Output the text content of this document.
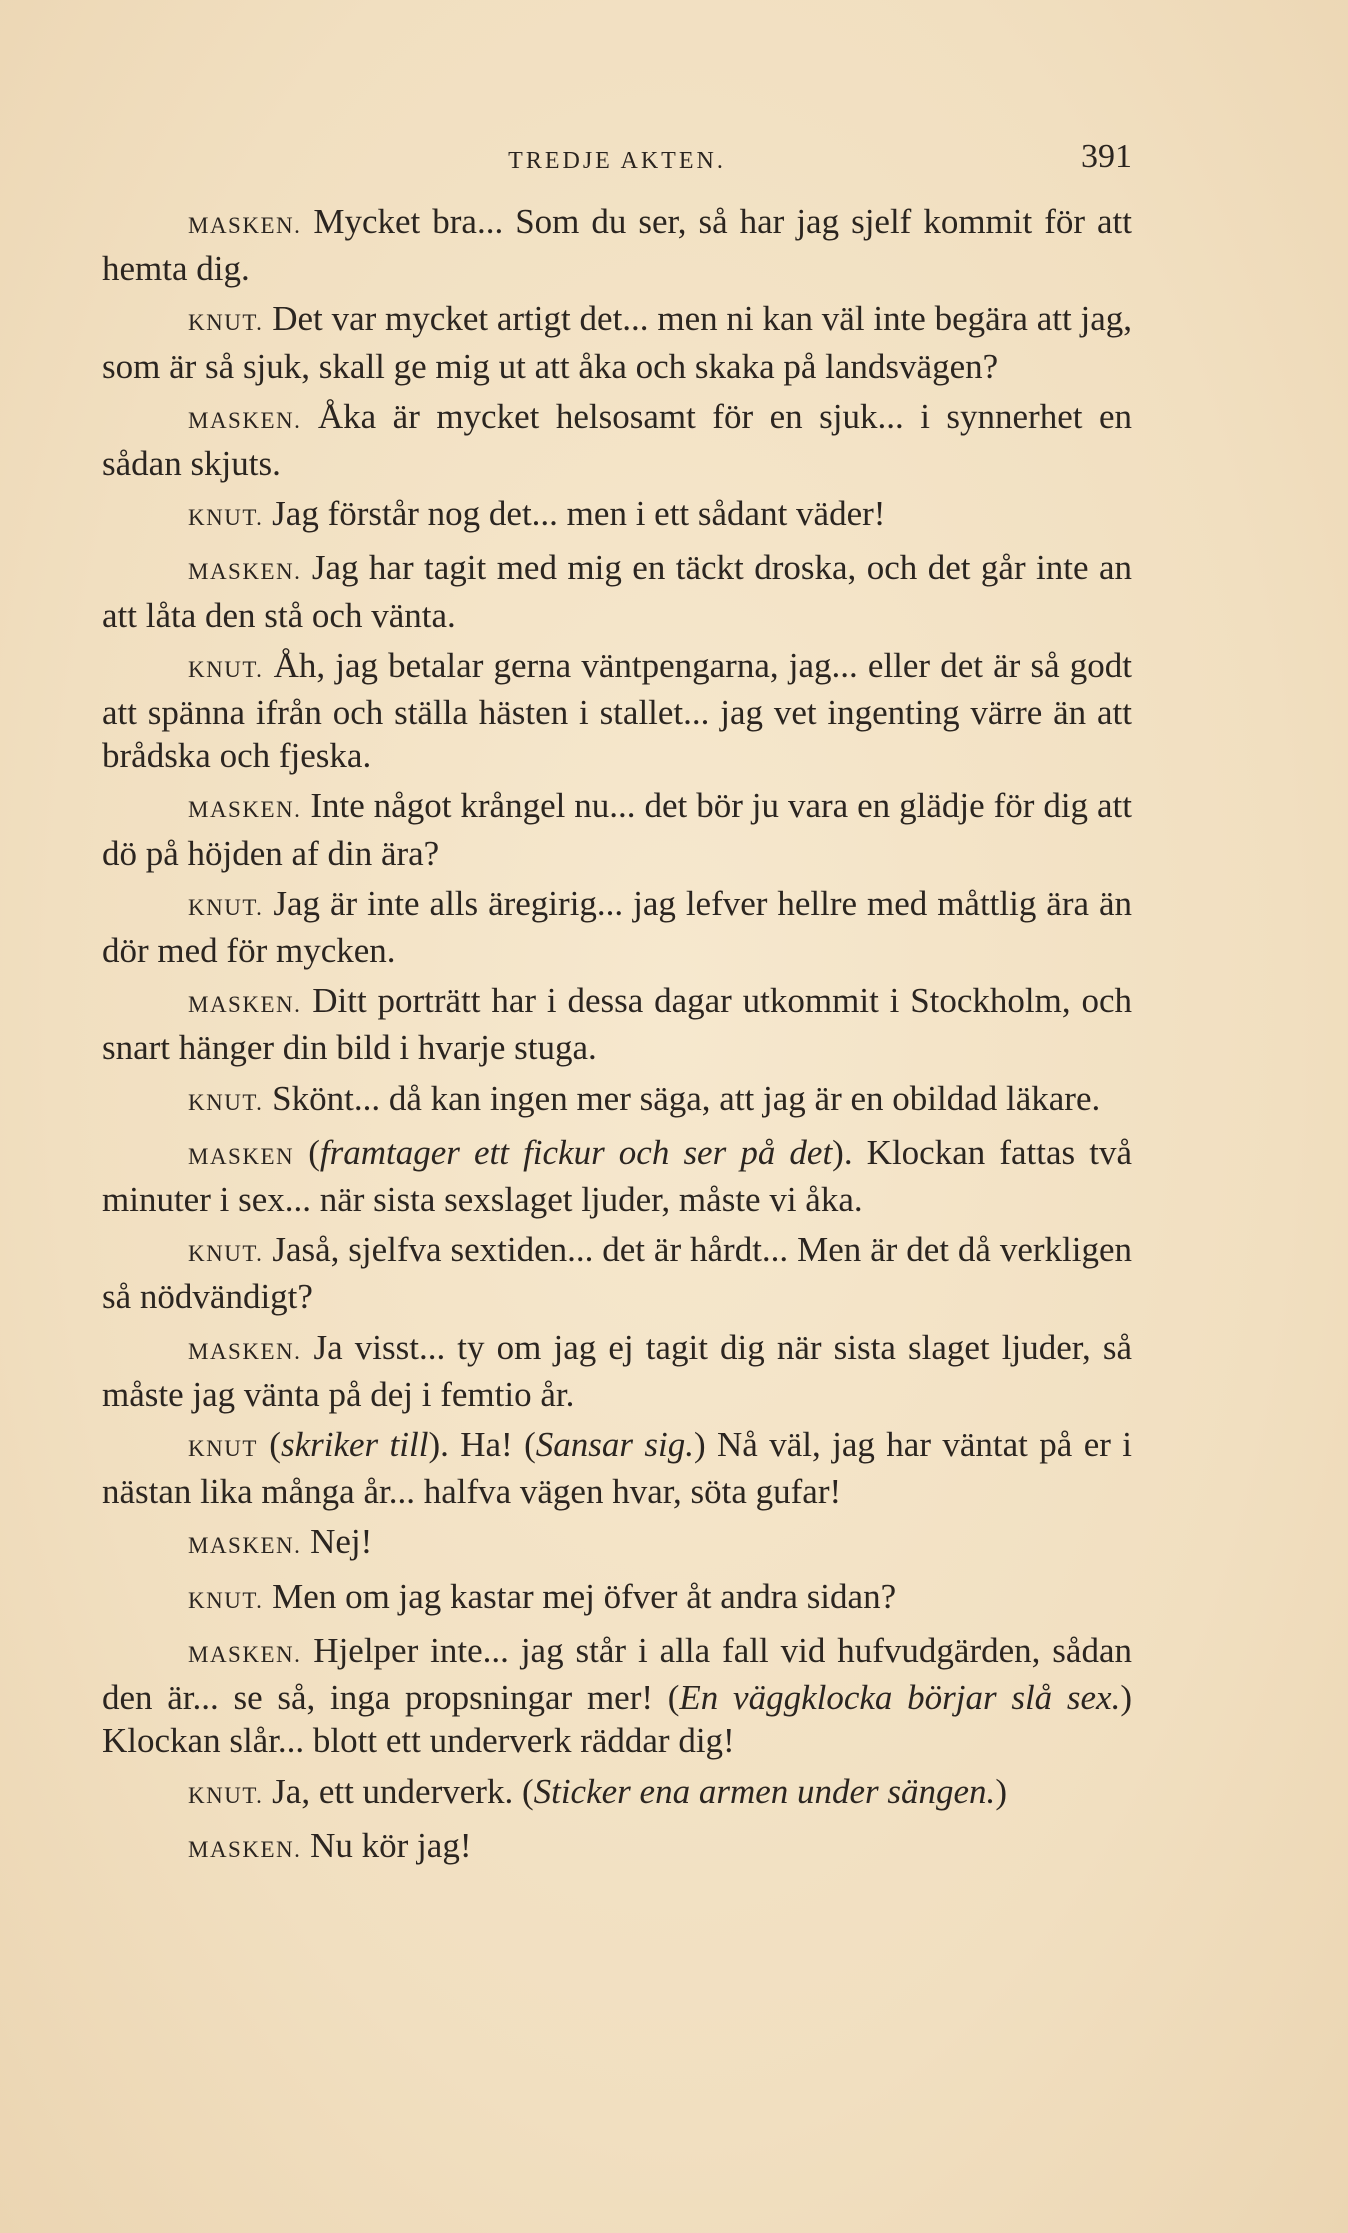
TREDJE AKTEN.	391

MASKEN. Mycket bra... Som du ser, så har jag sjelf kommit för att hemta dig.

KNUT. Det var mycket artigt det... men ni kan väl inte begära att jag, som är så sjuk, skall ge mig ut att åka och skaka på landsvägen?

MASKEN. Åka är mycket helsosamt för en sjuk... i synnerhet en sådan skjuts.

KNUT. Jag förstår nog det... men i ett sådant väder!

MASKEN. Jag har tagit med mig en täckt droska, och det går inte an att låta den stå och vänta.

KNUT. Åh, jag betalar gerna väntpengarna, jag... eller det är så godt att spänna ifrån och ställa hästen i stallet... jag vet ingenting värre än att brådska och fjeska.

MASKEN. Inte något krångel nu... det bör ju vara en glädje för dig att dö på höjden af din ära?

KNUT. Jag är inte alls äregirig... jag lefver hellre med måttlig ära än dör med för mycken.

MASKEN. Ditt porträtt har i dessa dagar utkommit i Stockholm, och snart hänger din bild i hvarje stuga.

KNUT. Skönt... då kan ingen mer säga, att jag är en obildad läkare.

MASKEN (framtager ett fickur och ser på det). Klockan fattas två minuter i sex... när sista sexslaget ljuder, måste vi åka.

KNUT. Jaså, sjelfva sextiden... det är hårdt... Men är det då verkligen så nödvändigt?

MASKEN. Ja visst... ty om jag ej tagit dig när sista slaget ljuder, så måste jag vänta på dej i femtio år.

KNUT (skriker till). Ha! (Sansar sig.) Nå väl, jag har väntat på er i nästan lika många år... halfva vägen hvar, söta gufar!

MASKEN. Nej!

KNUT. Men om jag kastar mej öfver åt andra sidan?

MASKEN. Hjelper inte... jag står i alla fall vid hufvudgärden, sådan den är... se så, inga propsningar mer! (En väggklocka börjar slå sex.) Klockan slår... blott ett underverk räddar dig!

KNUT. Ja, ett underverk. (Sticker ena armen under sängen.)

MASKEN. Nu kör jag!
